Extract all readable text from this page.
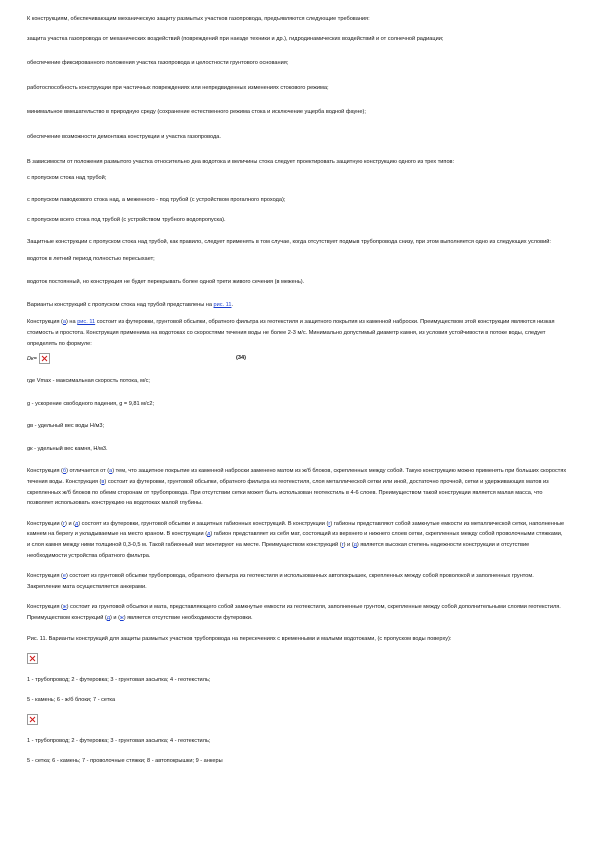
К конструкциям, обеспечивающим механическую защиту размытых участков газопровода, предъявляются следующие требования:

защита участка газопровода от механических воздействий (повреждений при наезде техники и др.), гидродинамических воздействий и от солнечной радиации;

обеспечение фиксированного положения участка газопровода и целостности грунтового основания;

работоспособность конструкции при частичных повреждениях или непредвиденных изменениях стокового режима;

минимальное вмешательство в природную среду (сохранение естественного режима стока и исключение ущерба водной фауне);

обеспечение возможности демонтажа конструкции и участка газопровода.

В зависимости от положения размытого участка относительно дна водотока и величины стока следует проектировать защитную конструкцию одного из трех типов:

с пропуском стока над трубой;

с пропуском паводкового стока над, а меженного - под трубой (с устройством прогалного прохода);

с пропуском всего стока под трубой (с устройством трубного водопропуска).

Защитные конструкции с пропуском стока над трубой, как правило, следует применять в том случае, когда отсутствует подмыв трубопровода снизу, при этом выполняется одно из следующих условий:

водоток в летний период полностью пересыхает;

водоток постоянный, но конструкция не будет перекрывать более одной трети живого сечения (в межень).

Варианты конструкций с пропуском стока над трубой представлены на рис. 11.

Конструкция (а) на рис. 11 состоит из футеровки, грунтовой обсыпки, обратного фильтра из геотекстиля и защитного покрытия из каменной наброски. Преимуществом этой конструкции являются низкая стоимость и простота. Конструкция применима на водотоках со скоростями течения воды не более 2-3 м/с. Минимально допустимый диаметр камня, из условия устойчивости в потоке воды, следует определять по формуле:

Dк=	(34)

где Vmax - максимальная скорость потока, м/с;

g - ускорение свободного падения, g = 9,81 м/с2;

gв - удельный вес воды Н/м3;

gк - удельный вес камня, Н/м3.

Конструкция (б) отличается от (а) тем, что защитное покрытие из каменной наброски заменено матом из ж/б блоков, скрепленных между собой. Такую конструкцию можно применять при больших скоростях течения воды. Конструкция (в) состоит из футеровки, грунтовой обсыпки, обратного фильтра из геотекстиля, слоя металлической сетки или иной, достаточно прочной, сетки и удерживающих матов из скрепленных ж/б блоков по обеим сторонам от трубопровода. При отсутствии сетки может быть использован геотекстиль в 4-6 слоев. Преимуществом такой конструкции является малая масса, что позволяет использовать конструкцию на водотоках малой глубины.

Конструкции (г) и (д) состоят из футеровки, грунтовой обсыпки и защитных габионных конструкций. В конструкции (г) габионы представляют собой замкнутые емкости из металлической сетки, наполненные камнем на берегу и укладываемые на место краном. В конструкции (д) габион представляет из себя мат, состоящий из верхнего и нижнего слоев сетки, скрепленных между собой проволочными стяжками, и слоя камня между ними толщиной 0,3-0,5 м. Такой габионный мат монтируют на месте. Преимуществом конструкций (г) и (д) является высокая степень надежности конструкции и отсутствие необходимости устройства обратного фильтра.

Конструкция (е) состоит из грунтовой обсыпки трубопровода, обратного фильтра из геотекстиля и использованных автопокрышек, скрепленных между собой проволокой и заполненных грунтом. Закрепление мата осуществляется анкерами.

Конструкция (ж) состоит из грунтовой обсыпки и мата, представляющего собой замкнутые емкости из геотекстиля, заполненные грунтом, скрепленные между собой дополнительными слоями геотекстиля. Преимуществом конструкций (д) и (ж) является отсутствие необходимости футеровки.

Рис. 11. Варианты конструкций для защиты размытых участков трубопровода на пересечениях с временными и малыми водотоками, (с пропуском воды поверху):

1 - трубопровод; 2 - футеровка; 3 - грунтовая засыпка; 4 - геотекстиль;

5 - камень; 6 - ж/б блоки; 7 - сетка

1 - трубопровод; 2 - футеровка; 3 - грунтовая засыпка; 4 - геотекстиль;

5 - сетка; 6 - камень; 7 - проволочные стяжки; 8 - автопокрышки; 9 - анкеры
